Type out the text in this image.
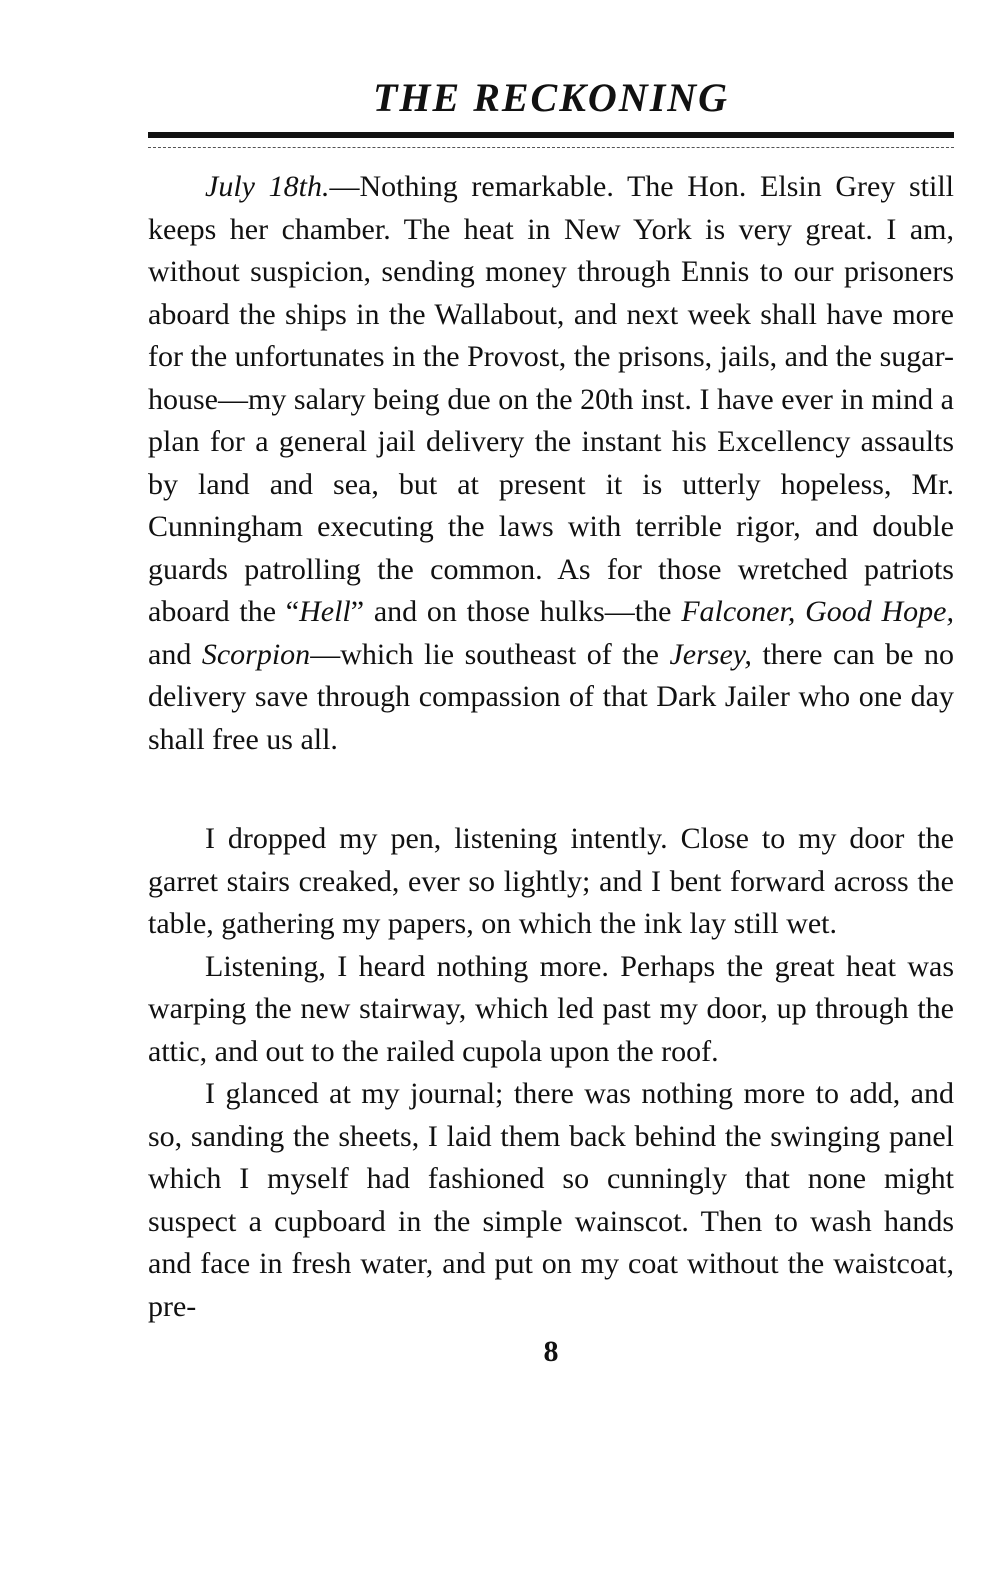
THE RECKONING

July 18th.—Nothing remarkable. The Hon. Elsin Grey still keeps her chamber. The heat in New York is very great. I am, without suspicion, sending money through Ennis to our prisoners aboard the ships in the Wallabout, and next week shall have more for the unfortunates in the Provost, the prisons, jails, and the sugar-house—my salary being due on the 20th inst. I have ever in mind a plan for a general jail delivery the instant his Excellency assaults by land and sea, but at present it is utterly hopeless, Mr. Cunningham executing the laws with terrible rigor, and double guards patrolling the common. As for those wretched patriots aboard the “Hell” and on those hulks—the Falconer, Good Hope, and Scorpion—which lie southeast of the Jersey, there can be no delivery save through compassion of that Dark Jailer who one day shall free us all.

I dropped my pen, listening intently. Close to my door the garret stairs creaked, ever so lightly; and I bent forward across the table, gathering my papers, on which the ink lay still wet.

Listening, I heard nothing more. Perhaps the great heat was warping the new stairway, which led past my door, up through the attic, and out to the railed cupola upon the roof.

I glanced at my journal; there was nothing more to add, and so, sanding the sheets, I laid them back behind the swinging panel which I myself had fashioned so cunningly that none might suspect a cupboard in the simple wainscot. Then to wash hands and face in fresh water, and put on my coat without the waistcoat, pre-

8
